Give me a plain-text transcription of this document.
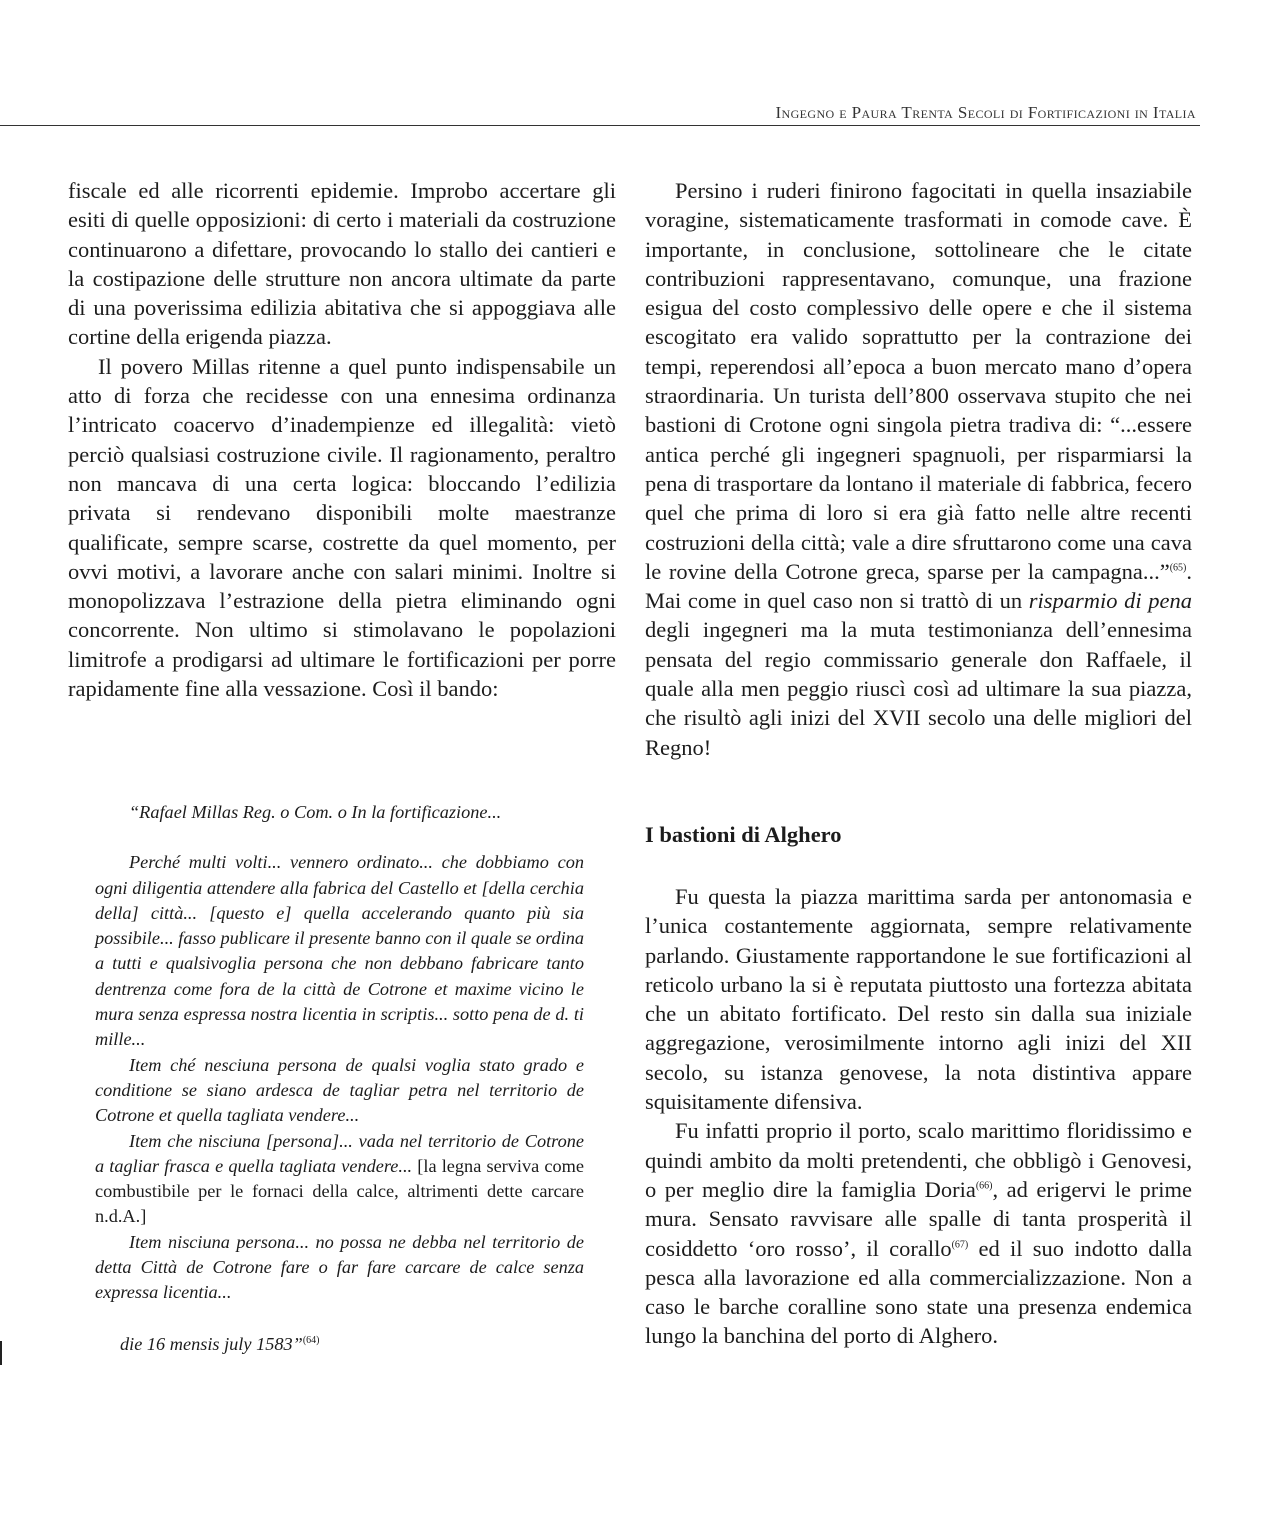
Ingegno e Paura Trenta Secoli di Fortificazioni in Italia

fiscale ed alle ricorrenti epidemie. Improbo accertare gli esiti di quelle opposizioni: di certo i materiali da costruzione continuarono a difettare, provocando lo stallo dei cantieri e la costipazione delle strutture non ancora ultimate da parte di una poverissima edilizia abitativa che si appoggiava alle cortine della erigenda piazza.

Il povero Millas ritenne a quel punto indispensabile un atto di forza che recidesse con una ennesima ordinanza l’intricato coacervo d’inadempienze ed illegalità: vietò perciò qualsiasi costruzione civile. Il ragionamento, peraltro non mancava di una certa logica: bloccando l’edilizia privata si rendevano disponibili molte maestranze qualificate, sempre scarse, costrette da quel momento, per ovvi motivi, a lavorare anche con salari minimi. Inoltre si monopolizzava l’estrazione della pietra eliminando ogni concorrente. Non ultimo si stimolavano le popolazioni limitrofe a prodigarsi ad ultimare le fortificazioni per porre rapidamente fine alla vessazione. Così il bando:

“Rafael Millas Reg. o Com. o In la fortificazione...

Perché multi volti... vennero ordinato... che dobbiamo con ogni diligentia attendere alla fabrica del Castello et [della cerchia della] città... [questo e] quella accelerando quanto più sia possibile... fasso publicare il presente banno con il quale se ordina a tutti e qualsivoglia persona che non debbano fabricare tanto dentrenza come fora de la città de Cotrone et maxime vicino le mura senza espressa nostra licentia in scriptis... sotto pena de d. ti mille...

Item ché nesciuna persona de qualsi voglia stato grado e conditione se siano ardesca de tagliar petra nel territorio de Cotrone et quella tagliata vendere...

Item che nisciuna [persona]... vada nel territorio de Cotrone a tagliar frasca e quella tagliata vendere... [la legna serviva come combustibile per le fornaci della calce, altrimenti dette carcare n.d.A.]

Item nisciuna persona... no possa ne debba nel territorio de detta Città de Cotrone fare o far fare carcare de calce senza expressa licentia...

die 16 mensis july 1583”$^{(64)}$

Persino i ruderi finirono fagocitati in quella insaziabile voragine, sistematicamente trasformati in comode cave. È importante, in conclusione, sottolineare che le citate contribuzioni rappresentavano, comunque, una frazione esigua del costo complessivo delle opere e che il sistema escogitato era valido soprattutto per la contrazione dei tempi, reperendosi all’epoca a buon mercato mano d’opera straordinaria. Un turista dell’800 osservava stupito che nei bastioni di Crotone ogni singola pietra tradiva di: “...essere antica perché gli ingegneri spagnuoli, per risparmiarsi la pena di trasportare da lontano il materiale di fabbrica, fecero quel che prima di loro si era già fatto nelle altre recenti costruzioni della città; vale a dire sfruttarono come una cava le rovine della Cotrone greca, sparse per la campagna...”$^{(65)}$. Mai come in quel caso non si trattò di un risparmio di pena degli ingegneri ma la muta testimonianza dell’ennesima pensata del regio commissario generale don Raffaele, il quale alla men peggio riuscì così ad ultimare la sua piazza, che risultò agli inizi del XVII secolo una delle migliori del Regno!

I bastioni di Alghero

Fu questa la piazza marittima sarda per antonomasia e l’unica costantemente aggiornata, sempre relativamente parlando. Giustamente rapportandone le sue fortificazioni al reticolo urbano la si è reputata piuttosto una fortezza abitata che un abitato fortificato. Del resto sin dalla sua iniziale aggregazione, verosimilmente intorno agli inizi del XII secolo, su istanza genovese, la nota distintiva appare squisitamente difensiva.

Fu infatti proprio il porto, scalo marittimo floridissimo e quindi ambito da molti pretendenti, che obbligò i Genovesi, o per meglio dire la famiglia Doria$^{(66)}$, ad erigervi le prime mura. Sensato ravvisare alle spalle di tanta prosperità il cosiddetto ‘oro rosso’, il corallo$^{(67)}$ ed il suo indotto dalla pesca alla lavorazione ed alla commercializzazione. Non a caso le barche coralline sono state una presenza endemica lungo la banchina del porto di Alghero.
